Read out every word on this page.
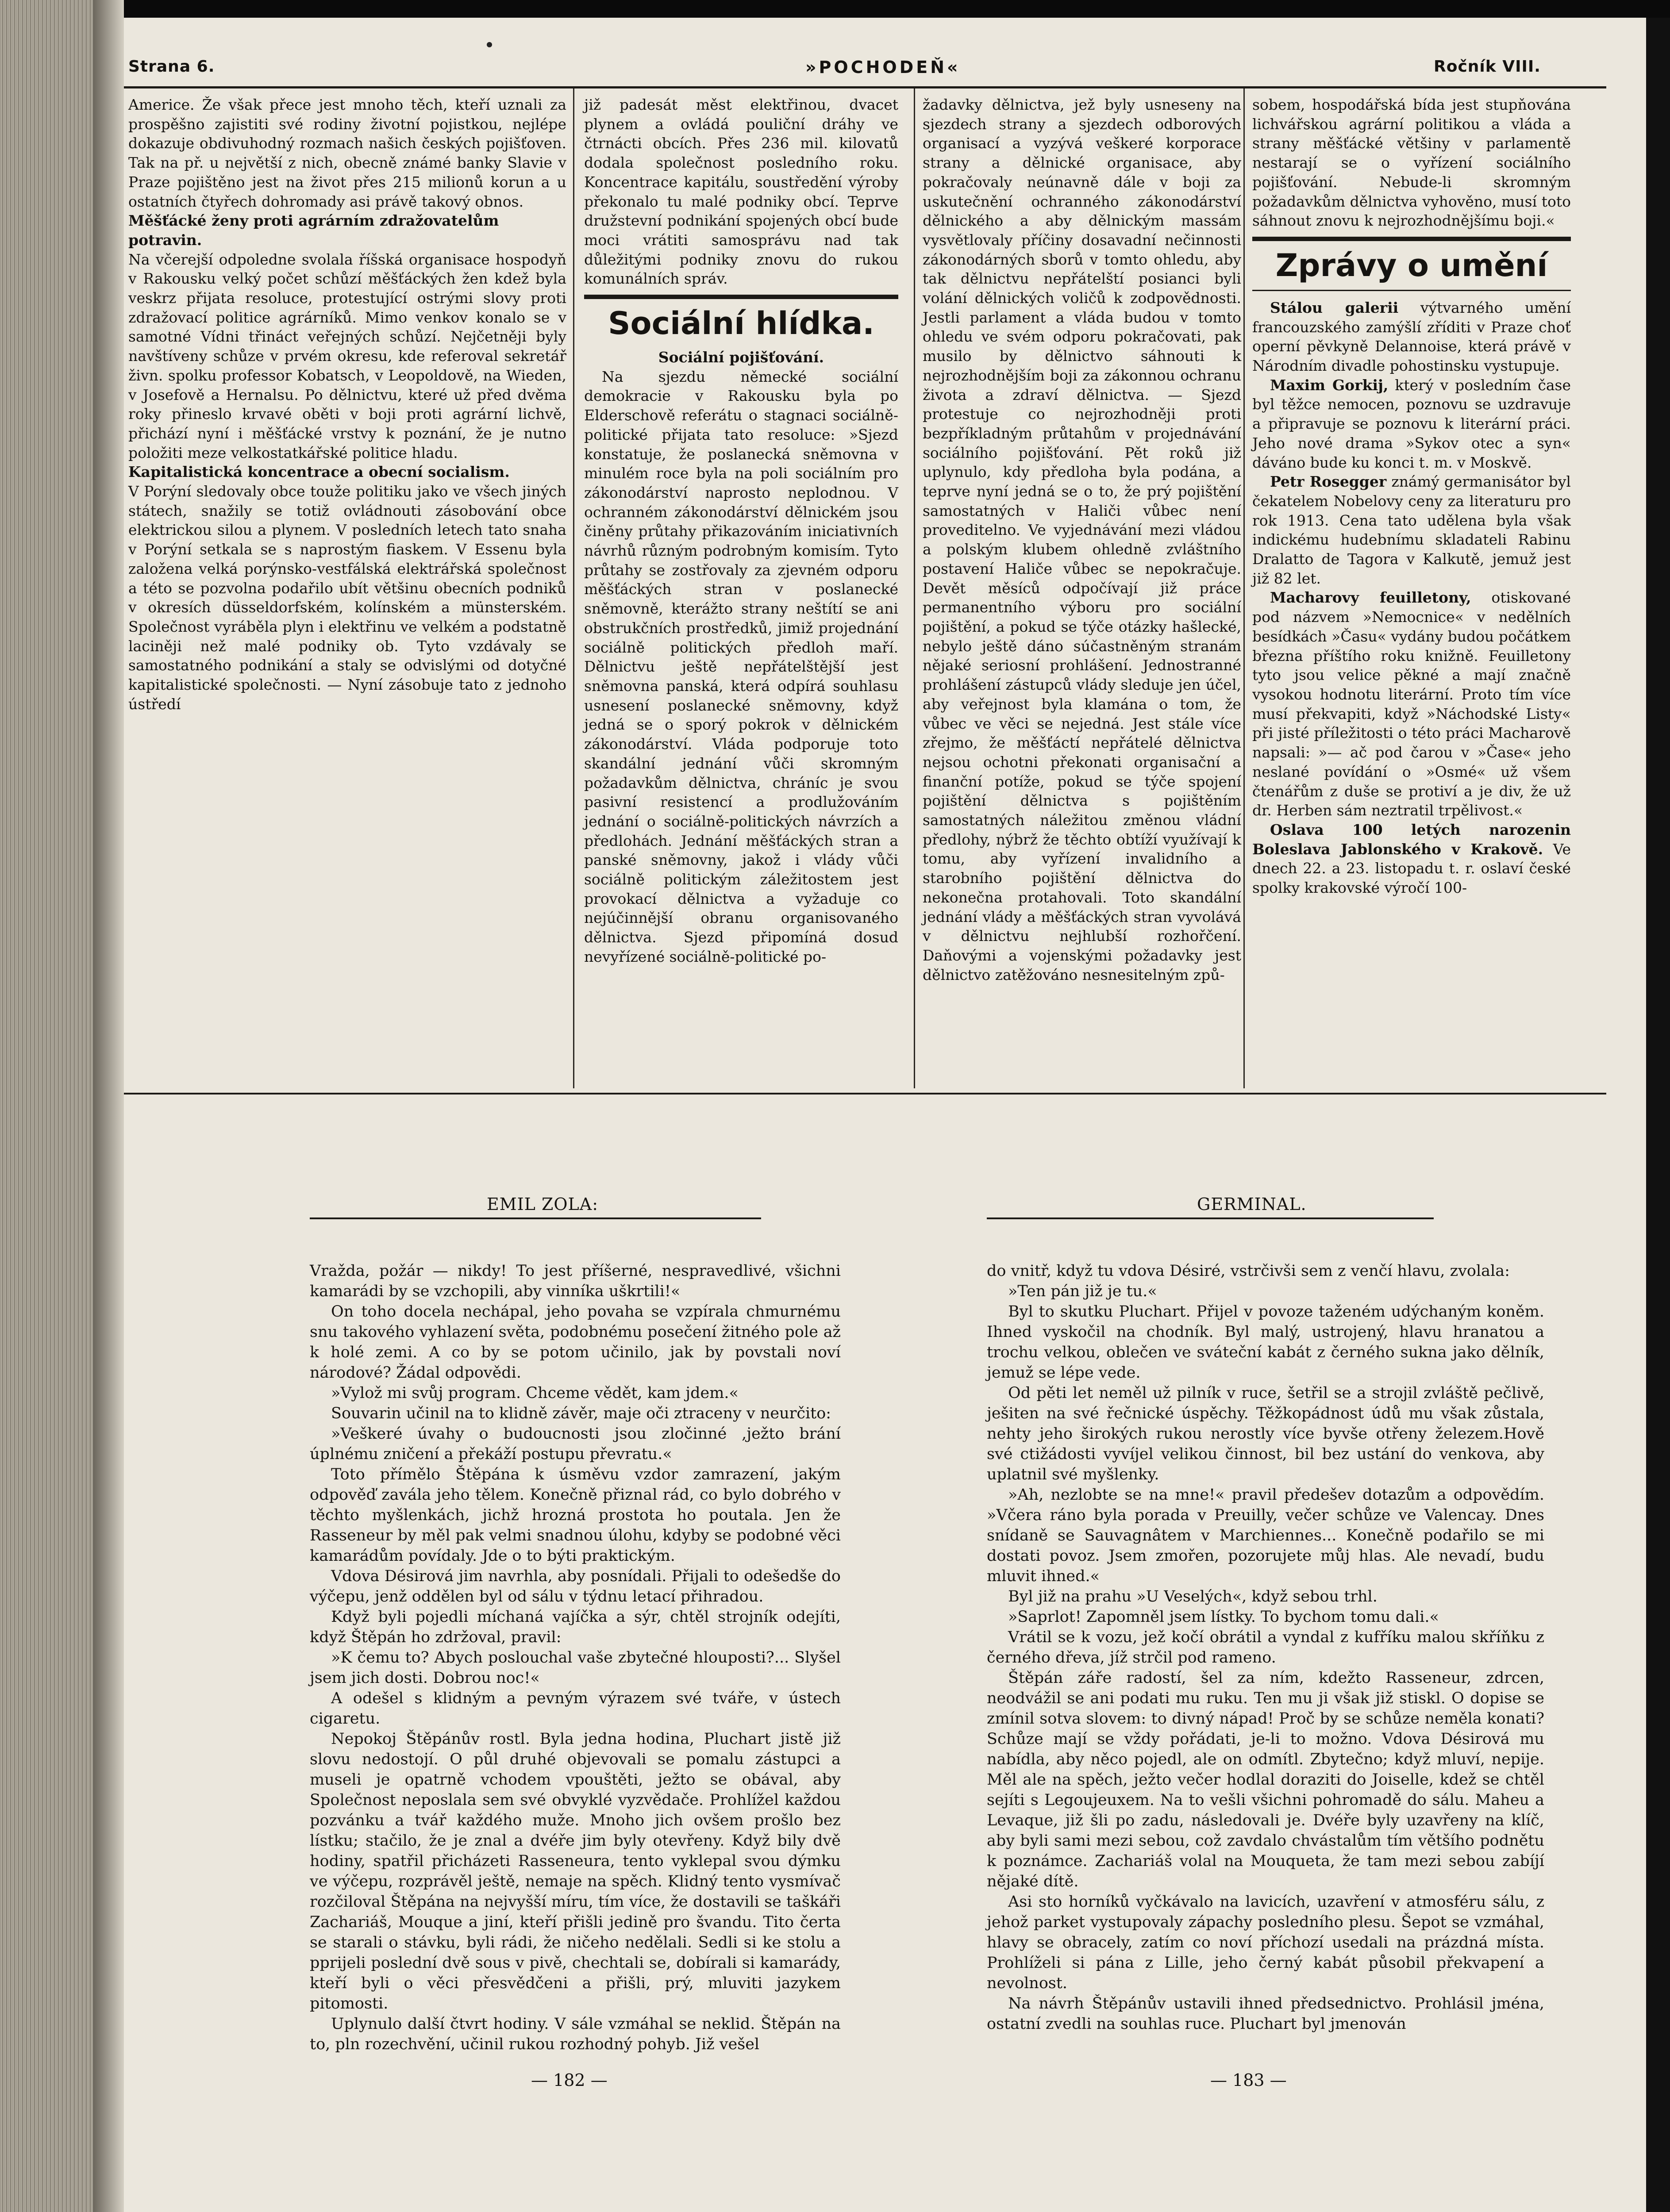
Strana 6.	»POCHODEŇ«	Ročník VIII.

Americe. Že však přece jest mnoho těch, kteří uznali za prospěšno zajistiti své rodiny životní pojistkou, nejlépe dokazuje obdivuhodný rozmach našich českých pojišťoven. Tak na př. u největší z nich, obecně známé banky Slavie v Praze pojištěno jest na život přes 215 milionů korun a u ostatních čtyřech dohromady asi právě takový obnos.

Měšťácké ženy proti agrárním zdražovatelům potravin.

Na včerejší odpoledne svolala říšská organisace hospodyň v Rakousku velký počet schůzí měšťáckých žen kdež byla veskrz přijata resoluce, protestující ostrými slovy proti zdražovací politice agrárníků. Mimo venkov konalo se v samotné Vídni třináct veřejných schůzí. Nejčetněji byly navštíveny schůze v prvém okresu, kde referoval sekretář živn. spolku professor Kobatsch, v Leopoldově, na Wieden, v Josefově a Hernalsu. Po dělnictvu, které už před dvěma roky přineslo krvavé oběti v boji proti agrární lichvě, přichází nyní i měšťácké vrstvy k poznání, že je nutno položiti meze velkostatkářské politice hladu.

Kapitalistická koncentrace a obecní socialism.

V Porýní sledovaly obce touže politiku jako ve všech jiných státech, snažily se totiž ovládnouti zásobování obce elektrickou silou a plynem. V posledních letech tato snaha v Porýní setkala se s naprostým fiaskem. V Essenu byla založena velká porýnsko-vestfálská elektrářská společnost a této se pozvolna podařilo ubít většinu obecních podniků v okresích düsseldorfském, kolínském a münsterském. Společnost vyráběla plyn i elektřinu ve velkém a podstatně laciněji než malé podniky ob. Tyto vzdávaly se samostatného podnikání a staly se odvislými od dotyčné kapitalistické společnosti. — Nyní zásobuje tato z jednoho ústředí

již padesát měst elektřinou, dvacet plynem a ovládá pouliční dráhy ve čtrnácti obcích. Přes 236 mil. kilovatů dodala společnost posledního roku. Koncentrace kapitálu, soustředění výroby překonalo tu malé podniky obcí. Teprve družstevní podnikání spojených obcí bude moci vrátiti samosprávu nad tak důležitými podniky znovu do rukou komunálních správ.

Sociální hlídka.

Sociální pojišťování.

Na sjezdu německé sociální demokracie v Rakousku byla po Elderschově referátu o stagnaci sociálně-politické přijata tato resoluce: »Sjezd konstatuje, že poslanecká sněmovna v minulém roce byla na poli sociálním pro zákonodárství naprosto neplodnou. V ochranném zákonodárství dělnickém jsou činěny průtahy přikazováním iniciativních návrhů různým podrobným komisím. Tyto průtahy se zostřovaly za zjevném odporu měšťáckých stran v poslanecké sněmovně, kterážto strany neštítí se ani obstrukčních prostředků, jimiž projednání sociálně politických předloh maří. Dělnictvu ještě nepřátelštější jest sněmovna panská, která odpírá souhlasu usnesení poslanecké sněmovny, když jedná se o sporý pokrok v dělnickém zákonodárství. Vláda podporuje toto skandální jednání vůči skromným požadavkům dělnictva, chráníc je svou pasivní resistencí a prodlužováním jednání o sociálně-politických návrzích a předlohách. Jednání měšťáckých stran a panské sněmovny, jakož i vlády vůči sociálně politickým záležitostem jest provokací dělnictva a vyžaduje co nejúčinnější obranu organisovaného dělnictva. Sjezd připomíná dosud nevyřízené sociálně-politické po-

žadavky dělnictva, jež byly usneseny na sjezdech strany a sjezdech odborových organisací a vyzývá veškeré korporace strany a dělnické organisace, aby pokračovaly neúnavně dále v boji za uskutečnění ochranného zákonodárství dělnického a aby dělnickým massám vysvětlovaly příčiny dosavadní nečinnosti zákonodárných sborů v tomto ohledu, aby tak dělnictvu nepřátelští posianci byli volání dělnických voličů k zodpovědnosti. Jestli parlament a vláda budou v tomto ohledu ve svém odporu pokračovati, pak musilo by dělnictvo sáhnouti k nejrozhodnějším boji za zákonnou ochranu života a zdraví dělnictva. — Sjezd protestuje co nejrozhodněji proti bezpříkladným průtahům v projednávání sociálního pojišťování. Pět roků již uplynulo, kdy předloha byla podána, a teprve nyní jedná se o to, že prý pojištění samostatných v Haliči vůbec není proveditelno. Ve vyjednávání mezi vládou a polským klubem ohledně zvláštního postavení Haliče vůbec se nepokračuje. Devět měsíců odpočívají již práce permanentního výboru pro sociální pojištění, a pokud se týče otázky hašlecké, nebylo ještě dáno súčastněným stranám nějaké seriosní prohlášení. Jednostranné prohlášení zástupců vlády sleduje jen účel, aby veřejnost byla klamána o tom, že vůbec ve věci se nejedná. Jest stále více zřejmo, že měšťáctí nepřátelé dělnictva nejsou ochotni překonati organisační a finanční potíže, pokud se týče spojení pojištění dělnictva s pojištěním samostatných náležitou změnou vládní předlohy, nýbrž že těchto obtíží využívají k tomu, aby vyřízení invalidního a starobního pojištění dělnictva do nekonečna protahovali. Toto skandální jednání vlády a měšťáckých stran vyvolává v dělnictvu nejhlubší rozhořčení. Daňovými a vojenskými požadavky jest dělnictvo zatěžováno nesnesitelným způ-

sobem, hospodářská bída jest stupňována lichvářskou agrární politikou a vláda a strany měšťácké většiny v parlamentě nestarají se o vyřízení sociálního pojišťování. Nebude-li skromným požadavkům dělnictva vyhověno, musí toto sáhnout znovu k nejrozhodnějšímu boji.«

Zprávy o umění

Stálou galerii výtvarného umění francouzského zamýšlí zříditi v Praze choť operní pěvkyně Delannoise, která právě v Národním divadle pohostinsku vystupuje.

Maxim Gorkij, který v posledním čase byl těžce nemocen, poznovu se uzdravuje a připravuje se poznovu k literární práci. Jeho nové drama »Sykov otec a syn« dáváno bude ku konci t. m. v Moskvě.

Petr Rosegger známý germanisátor byl čekatelem Nobelovy ceny za literaturu pro rok 1913. Cena tato udělena byla však indickému hudebnímu skladateli Rabinu Dralatto de Tagora v Kalkutě, jemuž jest již 82 let.

Macharovy feuilletony, otiskované pod názvem »Nemocnice« v nedělních besídkách »Času« vydány budou počátkem března příštího roku knižně. Feuilletony tyto jsou velice pěkné a mají značně vysokou hodnotu literární. Proto tím více musí překvapiti, když »Náchodské Listy« při jisté příležitosti o této práci Macharově napsali: »— ač pod čarou v »Čase« jeho neslané povídání o »Osmé« už všem čtenářům z duše se protiví a je div, že už dr. Herben sám neztratil trpělivost.«

Oslava 100 letých narozenin Boleslava Jablonského v Krakově. Ve dnech 22. a 23. listopadu t. r. oslaví české spolky krakovské výročí 100-

EMIL ZOLA:	GERMINAL.

Vražda, požár — nikdy! To jest příšerné, nespravedlivé, všichni kamarádi by se vzchopili, aby vinníka uškrtili!«

On toho docela nechápal, jeho povaha se vzpírala chmurnému snu takového vyhlazení světa, podobnému posečení žitného pole až k holé zemi. A co by se potom učinilo, jak by povstali noví národové? Žádal odpovědi.

»Vylož mi svůj program. Chceme vědět, kam jdem.«

Souvarin učinil na to klidně závěr, maje oči ztraceny v neurčito:

»Veškeré úvahy o budoucnosti jsou zločinné ,ježto brání úplnému zničení a překáží postupu převratu.«

Toto přímělo Štěpána k úsměvu vzdor zamrazení, jakým odpověď zavála jeho tělem. Konečně přiznal rád, co bylo dobrého v těchto myšlenkách, jichž hrozná prostota ho poutala. Jen že Rasseneur by měl pak velmi snadnou úlohu, kdyby se podobné věci kamarádům povídaly. Jde o to býti praktickým.

Vdova Désirová jim navrhla, aby posnídali. Přijali to odešedše do výčepu, jenž oddělen byl od sálu v týdnu letací přihradou.

Když byli pojedli míchaná vajíčka a sýr, chtěl strojník odejíti, když Štěpán ho zdržoval, pravil:

»K čemu to? Abych poslouchal vaše zbytečné hlouposti?... Slyšel jsem jich dosti. Dobrou noc!«

A odešel s klidným a pevným výrazem své tváře, v ústech cigaretu.

Nepokoj Štěpánův rostl. Byla jedna hodina, Pluchart jistě již slovu nedostojí. O půl druhé objevovali se pomalu zástupci a museli je opatrně vchodem vpouštěti, ježto se obával, aby Společnost neposlala sem své obvyklé vyzvědače. Prohlížel každou pozvánku a tvář každého muže. Mnoho jich ovšem prošlo bez lístku; stačilo, že je znal a dvéře jim byly otevřeny. Když bily dvě hodiny, spatřil přicházeti Rasseneura, tento vyklepal svou dýmku ve výčepu, rozprávěl ještě, nemaje na spěch. Klidný tento vysmívač rozčiloval Štěpána na nejvyšší míru, tím více, že dostavili se taškáři Zachariáš, Mouque a jiní, kteří přišli jedině pro švandu. Tito čerta se starali o stávku, byli rádi, že ničeho nedělali. Sedli si ke stolu a pprijeli poslední dvě sous v pivě, chechtali se, dobírali si kamarády, kteří byli o věci přesvědčeni a přišli, prý, mluviti jazykem pitomosti.

Uplynulo další čtvrt hodiny. V sále vzmáhal se neklid. Štěpán na to, pln rozechvění, učinil rukou rozhodný pohyb. Již vešel

do vnitř, když tu vdova Désiré, vstrčivši sem z venčí hlavu, zvolala:

»Ten pán již je tu.«

Byl to skutku Pluchart. Přijel v povoze taženém udýchaným koněm. Ihned vyskočil na chodník. Byl malý, ustrojený, hlavu hranatou a trochu velkou, oblečen ve sváteční kabát z černého sukna jako dělník, jemuž se lépe vede.

Od pěti let neměl už pilník v ruce, šetřil se a strojil zvláště pečlivě, ješiten na své řečnické úspěchy. Těžkopádnost údů mu však zůstala, nehty jeho širokých rukou nerostly více byvše otřeny železem.Hově své ctižádosti vyvíjel velikou činnost, bil bez ustání do venkova, aby uplatnil své myšlenky.

»Ah, nezlobte se na mne!« pravil předešev dotazům a odpovědím. »Včera ráno byla porada v Preuilly, večer schůze ve Valencay. Dnes snídaně se Sauvagnâtem v Marchiennes... Konečně podařilo se mi dostati povoz. Jsem zmořen, pozorujete můj hlas. Ale nevadí, budu mluvit ihned.«

Byl již na prahu »U Veselých«, když sebou trhl.

»Saprlot! Zapomněl jsem lístky. To bychom tomu dali.«

Vrátil se k vozu, jež kočí obrátil a vyndal z kufříku malou skříňku z černého dřeva, jíž strčil pod rameno.

Štěpán záře radostí, šel za ním, kdežto Rasseneur, zdrcen, neodvážil se ani podati mu ruku. Ten mu ji však již stiskl. O dopise se zmínil sotva slovem: to divný nápad! Proč by se schůze neměla konati? Schůze mají se vždy pořádati, je-li to možno. Vdova Désirová mu nabídla, aby něco pojedl, ale on odmítl. Zbytečno; když mluví, nepije. Měl ale na spěch, ježto večer hodlal doraziti do Joiselle, kdež se chtěl sejíti s Legoujeuxem. Na to vešli všichni pohromadě do sálu. Maheu a Levaque, již šli po zadu, následovali je. Dvéře byly uzavřeny na klíč, aby byli sami mezi sebou, což zavdalo chvástalům tím většího podnětu k poznámce. Zachariáš volal na Mouqueta, že tam mezi sebou zabíjí nějaké dítě.

Asi sto horníků vyčkávalo na lavicích, uzavření v atmosféru sálu, z jehož parket vystupovaly zápachy posledního plesu. Šepot se vzmáhal, hlavy se obracely, zatím co noví příchozí usedali na prázdná místa. Prohlíželi si pána z Lille, jeho černý kabát působil překvapení a nevolnost.

Na návrh Štěpánův ustavili ihned předsednictvo. Prohlásil jména, ostatní zvedli na souhlas ruce. Pluchart byl jmenován

— 182 —	— 183 —
